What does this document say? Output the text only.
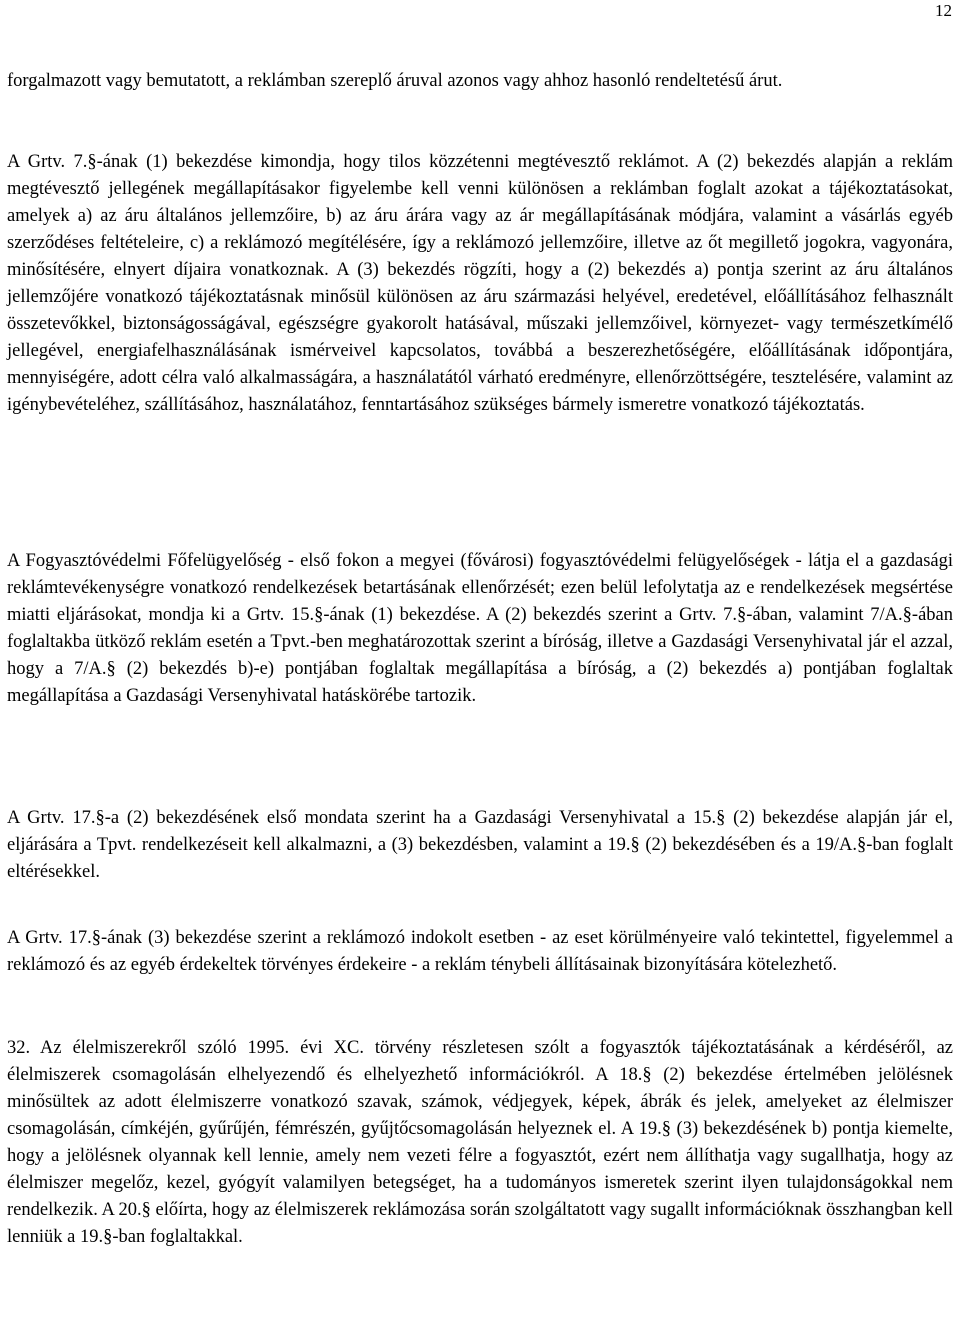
12

forgalmazott vagy bemutatott, a reklámban szereplő áruval azonos vagy ahhoz hasonló rendeltetésű árut.

A Grtv. 7.§-ának (1) bekezdése kimondja, hogy tilos közzétenni megtévesztő reklámot. A (2) bekezdés alapján a reklám megtévesztő jellegének megállapításakor figyelembe kell venni különösen a reklámban foglalt azokat a tájékoztatásokat, amelyek a) az áru általános jellemzőire, b) az áru árára vagy az ár megállapításának módjára, valamint a vásárlás egyéb szerződéses feltételeire, c) a reklámozó megítélésére, így a reklámozó jellemzőire, illetve az őt megillető jogokra, vagyonára, minősítésére, elnyert díjaira vonatkoznak. A (3) bekezdés rögzíti, hogy a (2) bekezdés a) pontja szerint az áru általános jellemzőjére vonatkozó tájékoztatásnak minősül különösen az áru származási helyével, eredetével, előállításához felhasznált összetevőkkel, biztonságosságával, egészségre gyakorolt hatásával, műszaki jellemzőivel, környezet- vagy természetkímélő jellegével, energiafelhasználásának ismérveivel kapcsolatos, továbbá a beszerezhetőségére, előállításának időpontjára, mennyiségére, adott célra való alkalmasságára, a használatától várható eredményre, ellenőrzöttségére, tesztelésére, valamint az igénybevételéhez, szállításához, használatához, fenntartásához szükséges bármely ismeretre vonatkozó tájékoztatás.

A Fogyasztóvédelmi Főfelügyelőség - első fokon a megyei (fővárosi) fogyasztóvédelmi felügyelőségek - látja el a gazdasági reklámtevékenységre vonatkozó rendelkezések betartásának ellenőrzését; ezen belül lefolytatja az e rendelkezések megsértése miatti eljárásokat, mondja ki a Grtv. 15.§-ának (1) bekezdése. A (2) bekezdés szerint a Grtv. 7.§-ában, valamint 7/A.§-ában foglaltakba ütköző reklám esetén a Tpvt.-ben meghatározottak szerint a bíróság, illetve a Gazdasági Versenyhivatal jár el azzal, hogy a 7/A.§ (2) bekezdés b)-e) pontjában foglaltak megállapítása a bíróság, a (2) bekezdés a) pontjában foglaltak megállapítása a Gazdasági Versenyhivatal hatáskörébe tartozik.

A Grtv. 17.§-a (2) bekezdésének első mondata szerint ha a Gazdasági Versenyhivatal a 15.§ (2) bekezdése alapján jár el, eljárására a Tpvt. rendelkezéseit kell alkalmazni, a (3) bekezdésben, valamint a 19.§ (2) bekezdésében és a 19/A.§-ban foglalt eltérésekkel.

A Grtv. 17.§-ának (3) bekezdése szerint a reklámozó indokolt esetben - az eset körülményeire való tekintettel, figyelemmel a reklámozó és az egyéb érdekeltek törvényes érdekeire - a reklám ténybeli állításainak bizonyítására kötelezhető.

32. Az élelmiszerekről szóló 1995. évi XC. törvény részletesen szólt a fogyasztók tájékoztatásának a kérdéséről, az élelmiszerek csomagolásán elhelyezendő és elhelyezhető információkról. A 18.§ (2) bekezdése értelmében jelölésnek minősültek az adott élelmiszerre vonatkozó szavak, számok, védjegyek, képek, ábrák és jelek, amelyeket az élelmiszer csomagolásán, címkéjén, gyűrűjén, fémrészén, gyűjtőcsomagolásán helyeznek el. A 19.§ (3) bekezdésének b) pontja kiemelte, hogy a jelölésnek olyannak kell lennie, amely nem vezeti félre a fogyasztót, ezért nem állíthatja vagy sugallhatja, hogy az élelmiszer megelőz, kezel, gyógyít valamilyen betegséget, ha a tudományos ismeretek szerint ilyen tulajdonságokkal nem rendelkezik. A 20.§ előírta, hogy az élelmiszerek reklámozása során szolgáltatott vagy sugallt információknak összhangban kell lenniük a 19.§-ban foglaltakkal.
